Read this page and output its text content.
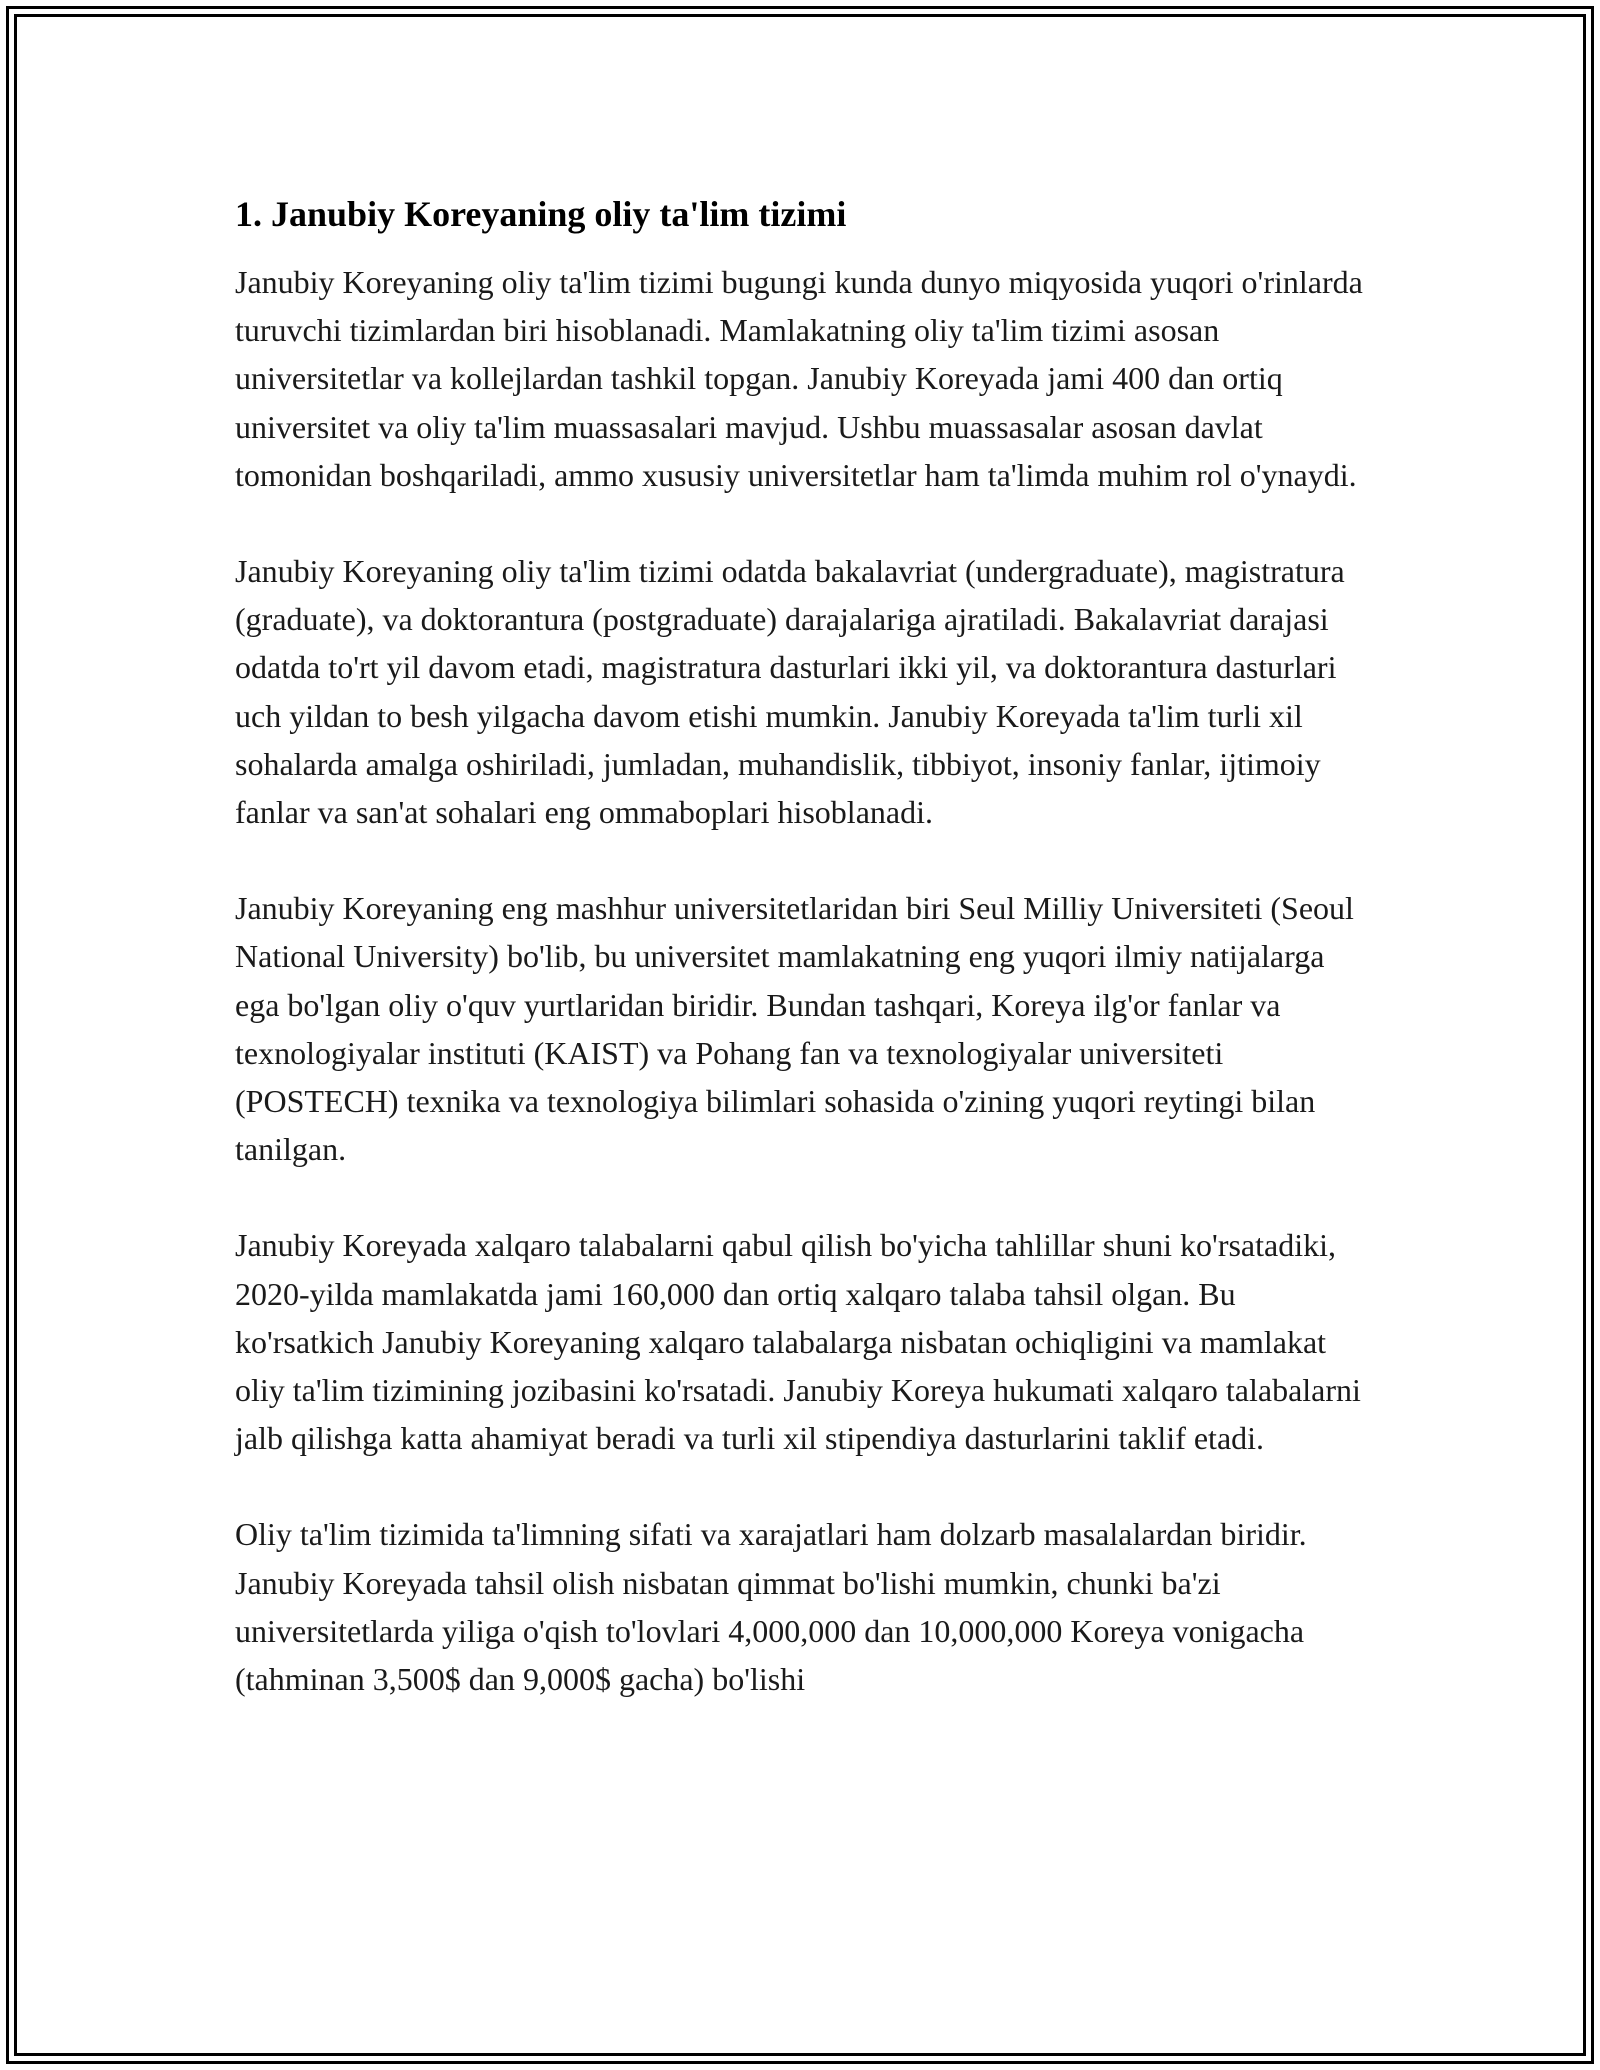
1. Janubiy Koreyaning oliy ta'lim tizimi

Janubiy Koreyaning oliy ta'lim tizimi bugungi kunda dunyo miqyosida yuqori o'rinlarda turuvchi tizimlardan biri hisoblanadi. Mamlakatning oliy ta'lim tizimi asosan universitetlar va kollejlardan tashkil topgan. Janubiy Koreyada jami 400 dan ortiq universitet va oliy ta'lim muassasalari mavjud. Ushbu muassasalar asosan davlat tomonidan boshqariladi, ammo xususiy universitetlar ham ta'limda muhim rol o'ynaydi.

Janubiy Koreyaning oliy ta'lim tizimi odatda bakalavriat (undergraduate), magistratura (graduate), va doktorantura (postgraduate) darajalariga ajratiladi. Bakalavriat darajasi odatda to'rt yil davom etadi, magistratura dasturlari ikki yil, va doktorantura dasturlari uch yildan to besh yilgacha davom etishi mumkin. Janubiy Koreyada ta'lim turli xil sohalarda amalga oshiriladi, jumladan, muhandislik, tibbiyot, insoniy fanlar, ijtimoiy fanlar va san'at sohalari eng ommaboplari hisoblanadi.

Janubiy Koreyaning eng mashhur universitetlaridan biri Seul Milliy Universiteti (Seoul National University) bo'lib, bu universitet mamlakatning eng yuqori ilmiy natijalarga ega bo'lgan oliy o'quv yurtlaridan biridir. Bundan tashqari, Koreya ilg'or fanlar va texnologiyalar instituti (KAIST) va Pohang fan va texnologiyalar universiteti (POSTECH) texnika va texnologiya bilimlari sohasida o'zining yuqori reytingi bilan tanilgan.

Janubiy Koreyada xalqaro talabalarni qabul qilish bo'yicha tahlillar shuni ko'rsatadiki, 2020-yilda mamlakatda jami 160,000 dan ortiq xalqaro talaba tahsil olgan. Bu ko'rsatkich Janubiy Koreyaning xalqaro talabalarga nisbatan ochiqligini va mamlakat oliy ta'lim tizimining jozibasini ko'rsatadi. Janubiy Koreya hukumati xalqaro talabalarni jalb qilishga katta ahamiyat beradi va turli xil stipendiya dasturlarini taklif etadi.

Oliy ta'lim tizimida ta'limning sifati va xarajatlari ham dolzarb masalalardan biridir. Janubiy Koreyada tahsil olish nisbatan qimmat bo'lishi mumkin, chunki ba'zi universitetlarda yiliga o'qish to'lovlari 4,000,000 dan 10,000,000 Koreya vonigacha (tahminan 3,500$ dan 9,000$ gacha) bo'lishi
